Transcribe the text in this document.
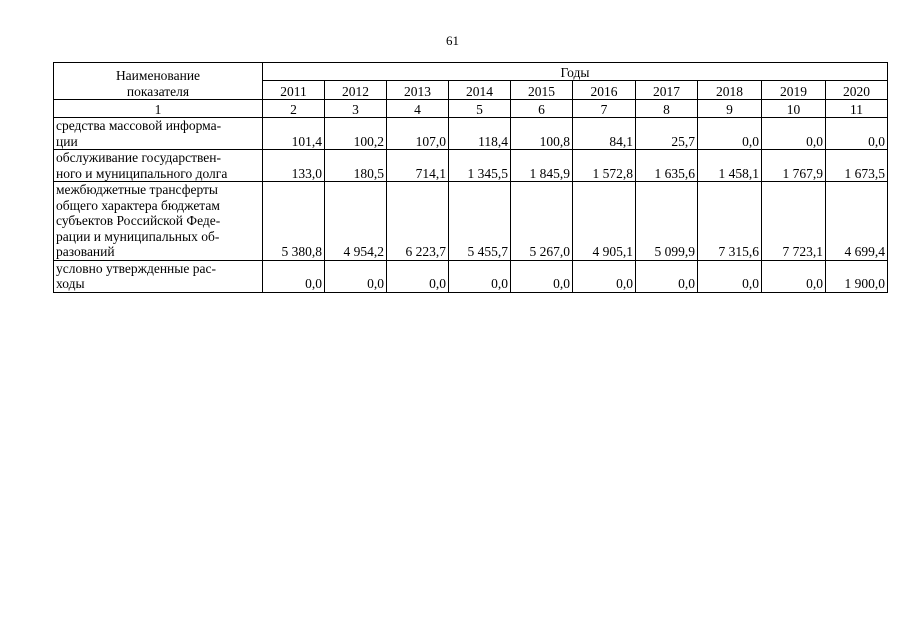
61
Наименование
показателя	Годы									
	2011	2012	2013	2014	2015	2016	2017	2018	2019	2020
1	2	3	4	5	6	7	8	9	10	11

средства массовой информа-
ции	101,4	100,2	107,0	118,4	100,8	84,1	25,7	0,0	0,0	0,0

обслуживание государствен-
ного и муниципального долга	133,0	180,5	714,1	1 345,5	1 845,9	1 572,8	1 635,6	1 458,1	1 767,9	1 673,5

межбюджетные трансферты
общего характера бюджетам
субъектов Российской Феде-
рации и муниципальных об-
разований	5 380,8	4 954,2	6 223,7	5 455,7	5 267,0	4 905,1	5 099,9	7 315,6	7 723,1	4 699,4

условно утвержденные рас-
ходы	0,0	0,0	0,0	0,0	0,0	0,0	0,0	0,0	0,0	1 900,0
